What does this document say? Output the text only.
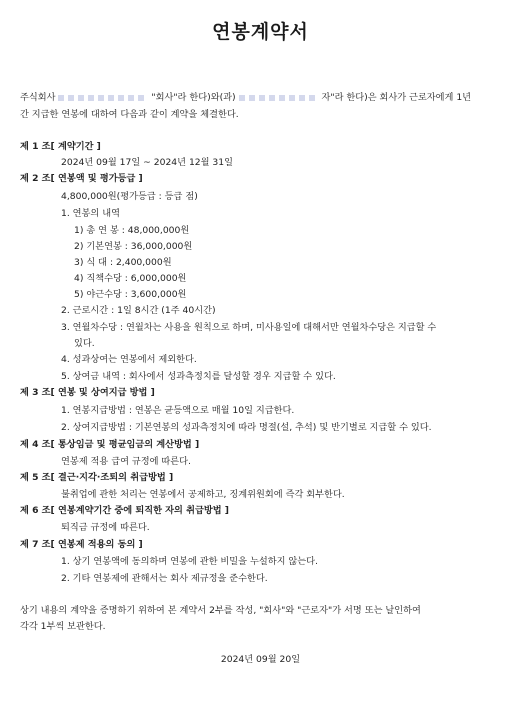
연봉계약서
주식회사	"회사"라 한다)와(과)	자"라 한다)은 회사가 근로자에게 1년
간 지급한 연봉에 대하여 다음과 같이 계약을 체결한다.
제 1 조[ 계약기간 ]
2024년 09월 17일 ~ 2024년 12월 31일
제 2 조[ 연봉액 및 평가등급 ]
4,800,000원(평가등급 : 등급 점)
1. 연봉의 내역
1) 총 연 봉 : 48,000,000원
2) 기본연봉 : 36,000,000원
3) 식 대 : 2,400,000원
4) 직책수당 : 6,000,000원
5) 야근수당 : 3,600,000원
2. 근로시간 : 1일 8시간 (1주 40시간)
3. 연월차수당 : 연월차는 사용을 원칙으로 하며, 미사용일에 대해서만 연월차수당은 지급할 수
있다.
4. 성과상여는 연봉에서 제외한다.
5. 상여금 내역 : 회사에서 성과측정치를 달성할 경우 지급할 수 있다.
제 3 조[ 연봉 및 상여지급 방법 ]
1. 연봉지급방법 : 연봉은 균등액으로 매월 10일 지급한다.
2. 상여지급방법 : 기본연봉의 성과측정치에 따라 명절(설, 추석) 및 반기별로 지급할 수 있다.
제 4 조[ 통상임금 및 평균임금의 계산방법 ]
연봉제 적용 급여 규정에 따른다.
제 5 조[ 결근·지각·조퇴의 취급방법 ]
불취업에 관한 처리는 연봉에서 공제하고, 징계위원회에 즉각 회부한다.
제 6 조[ 연봉계약기간 중에 퇴직한 자의 취급방법 ]
퇴직금 규정에 따른다.
제 7 조[ 연봉제 적용의 동의 ]
1. 상기 연봉액에 동의하며 연봉에 관한 비밀을 누설하지 않는다.
2. 기타 연봉제에 관해서는 회사 제규정을 준수한다.
상기 내용의 계약을 증명하기 위하여 본 계약서 2부를 작성, "회사"와 "근로자"가 서명 또는 날인하여
각각 1부씩 보관한다.
2024년 09월 20일
